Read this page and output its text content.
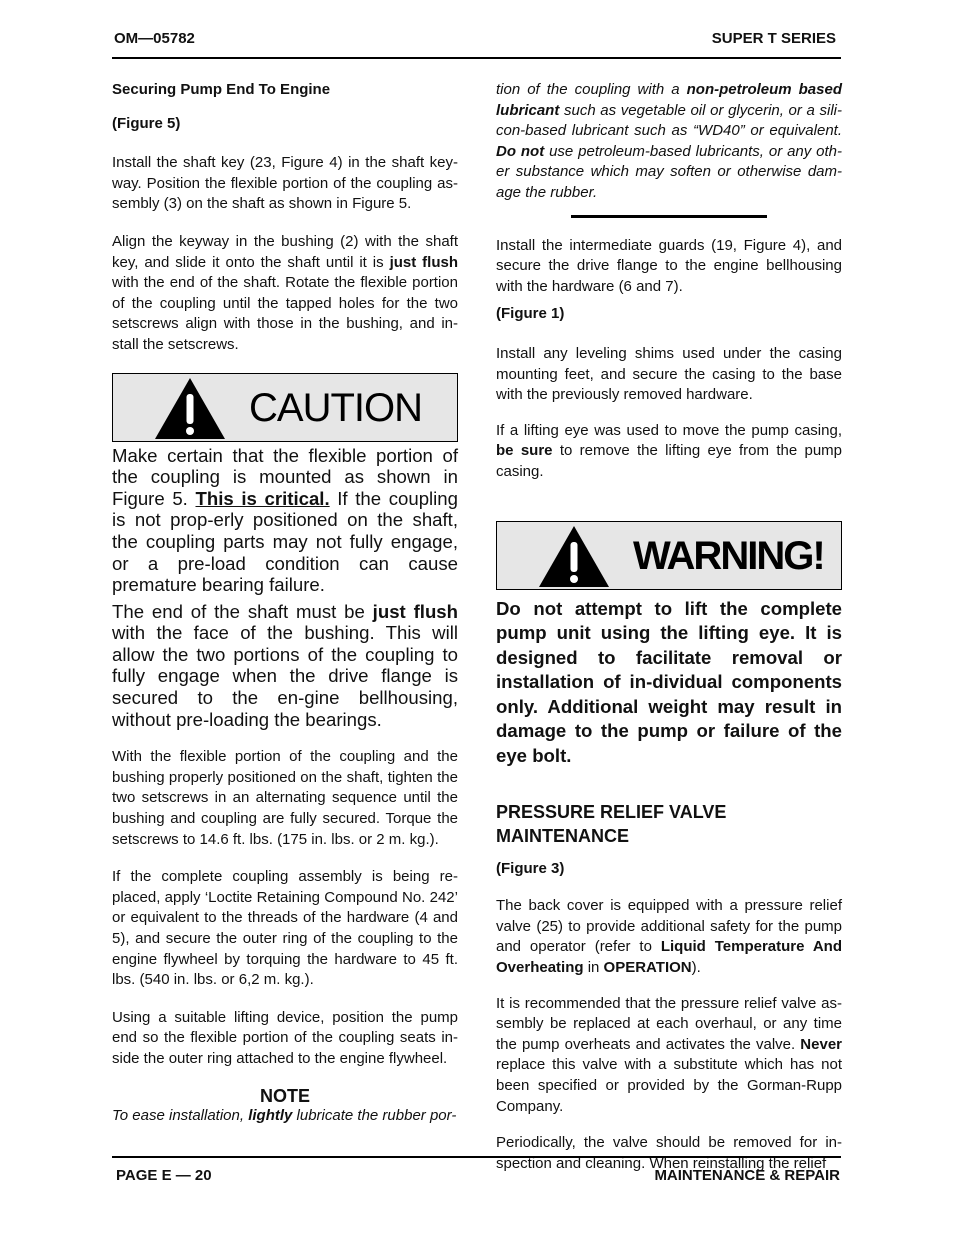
OM—05782	SUPER T SERIES

Securing Pump End To Engine

(Figure 5)

Install the shaft key (23, Figure 4) in the shaft key-way. Position the flexible portion of the coupling as-sembly (3) on the shaft as shown in Figure 5.

Align the keyway in the bushing (2) with the shaft key, and slide it onto the shaft until it is just flush with the end of the shaft. Rotate the flexible portion of the coupling until the tapped holes for the two setscrews align with those in the bushing, and in-stall the setscrews.

CAUTION

Make certain that the flexible portion of the coupling is mounted as shown in Figure 5. This is critical. If the coupling is not prop-erly positioned on the shaft, the coupling parts may not fully engage, or a pre-load condition can cause premature bearing failure.

The end of the shaft must be just flush with the face of the bushing. This will allow the two portions of the coupling to fully engage when the drive flange is secured to the en-gine bellhousing, without pre-loading the bearings.

With the flexible portion of the coupling and the bushing properly positioned on the shaft, tighten the two setscrews in an alternating sequence until the bushing and coupling are fully secured. Torque the setscrews to 14.6 ft. lbs. (175 in. lbs. or 2 m. kg.).

If the complete coupling assembly is being re-placed, apply ‘Loctite Retaining Compound No. 242’ or equivalent to the threads of the hardware (4 and 5), and secure the outer ring of the coupling to the engine flywheel by torquing the hardware to 45 ft. lbs. (540 in. lbs. or 6,2 m. kg.).

Using a suitable lifting device, position the pump end so the flexible portion of the coupling seats in-side the outer ring attached to the engine flywheel.

NOTE

To ease installation, lightly lubricate the rubber por-

tion of the coupling with a non-petroleum based lubricant such as vegetable oil or glycerin, or a sili-con-based lubricant such as “WD40” or equivalent. Do not use petroleum-based lubricants, or any oth-er substance which may soften or otherwise dam-age the rubber.

Install the intermediate guards (19, Figure 4), and secure the drive flange to the engine bellhousing with the hardware (6 and 7).

(Figure 1)

Install any leveling shims used under the casing mounting feet, and secure the casing to the base with the previously removed hardware.

If a lifting eye was used to move the pump casing, be sure to remove the lifting eye from the pump casing.

WARNING!

Do not attempt to lift the complete pump unit using the lifting eye. It is designed to facilitate removal or installation of in-dividual components only. Additional weight may result in damage to the pump or failure of the eye bolt.

PRESSURE RELIEF VALVE
MAINTENANCE

(Figure 3)

The back cover is equipped with a pressure relief valve (25) to provide additional safety for the pump and operator (refer to Liquid Temperature And Overheating in OPERATION).

It is recommended that the pressure relief valve as-sembly be replaced at each overhaul, or any time the pump overheats and activates the valve. Never replace this valve with a substitute which has not been specified or provided by the Gorman-Rupp Company.

Periodically, the valve should be removed for in-spection and cleaning. When reinstalling the relief

PAGE E — 20	MAINTENANCE & REPAIR
